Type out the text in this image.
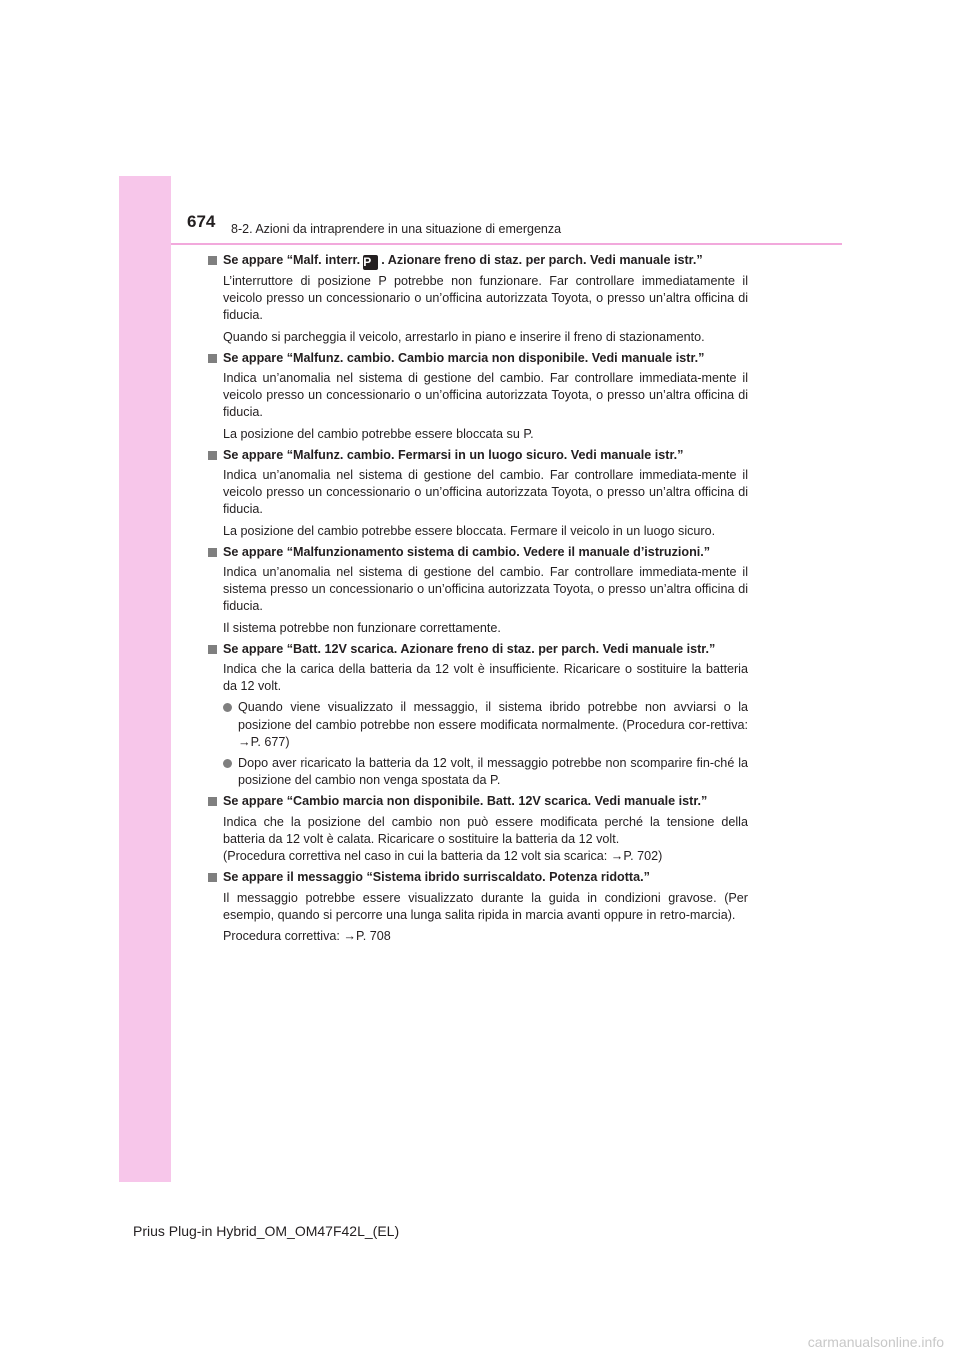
674 8-2. Azioni da intraprendere in una situazione di emergenza
Se appare “Malf. interr. P . Azionare freno di staz. per parch. Vedi manuale istr.”
L’interruttore di posizione P potrebbe non funzionare. Far controllare immediatamente il veicolo presso un concessionario o un’officina autorizzata Toyota, o presso un’altra officina di fiducia.
Quando si parcheggia il veicolo, arrestarlo in piano e inserire il freno di stazionamento.
Se appare “Malfunz. cambio. Cambio marcia non disponibile. Vedi manuale istr.”
Indica un’anomalia nel sistema di gestione del cambio. Far controllare immediata-mente il veicolo presso un concessionario o un’officina autorizzata Toyota, o presso un’altra officina di fiducia.
La posizione del cambio potrebbe essere bloccata su P.
Se appare “Malfunz. cambio. Fermarsi in un luogo sicuro. Vedi manuale istr.”
Indica un’anomalia nel sistema di gestione del cambio. Far controllare immediata-mente il veicolo presso un concessionario o un’officina autorizzata Toyota, o presso un’altra officina di fiducia.
La posizione del cambio potrebbe essere bloccata. Fermare il veicolo in un luogo sicuro.
Se appare “Malfunzionamento sistema di cambio. Vedere il manuale d’istruzioni.”
Indica un’anomalia nel sistema di gestione del cambio. Far controllare immediata-mente il sistema presso un concessionario o un’officina autorizzata Toyota, o presso un’altra officina di fiducia.
Il sistema potrebbe non funzionare correttamente.
Se appare “Batt. 12V scarica. Azionare freno di staz. per parch. Vedi manuale istr.”
Indica che la carica della batteria da 12 volt è insufficiente. Ricaricare o sostituire la batteria da 12 volt.
Quando viene visualizzato il messaggio, il sistema ibrido potrebbe non avviarsi o la posizione del cambio potrebbe non essere modificata normalmente. (Procedura cor-rettiva: →P. 677)
Dopo aver ricaricato la batteria da 12 volt, il messaggio potrebbe non scomparire fin-ché la posizione del cambio non venga spostata da P.
Se appare “Cambio marcia non disponibile. Batt. 12V scarica. Vedi manuale istr.”
Indica che la posizione del cambio non può essere modificata perché la tensione della batteria da 12 volt è calata. Ricaricare o sostituire la batteria da 12 volt.
(Procedura correttiva nel caso in cui la batteria da 12 volt sia scarica: →P. 702)
Se appare il messaggio “Sistema ibrido surriscaldato. Potenza ridotta.”
Il messaggio potrebbe essere visualizzato durante la guida in condizioni gravose. (Per esempio, quando si percorre una lunga salita ripida in marcia avanti oppure in retro-marcia).
Procedura correttiva: →P. 708
Prius Plug-in Hybrid_OM_OM47F42L_(EL)
carmanualsonline.info
